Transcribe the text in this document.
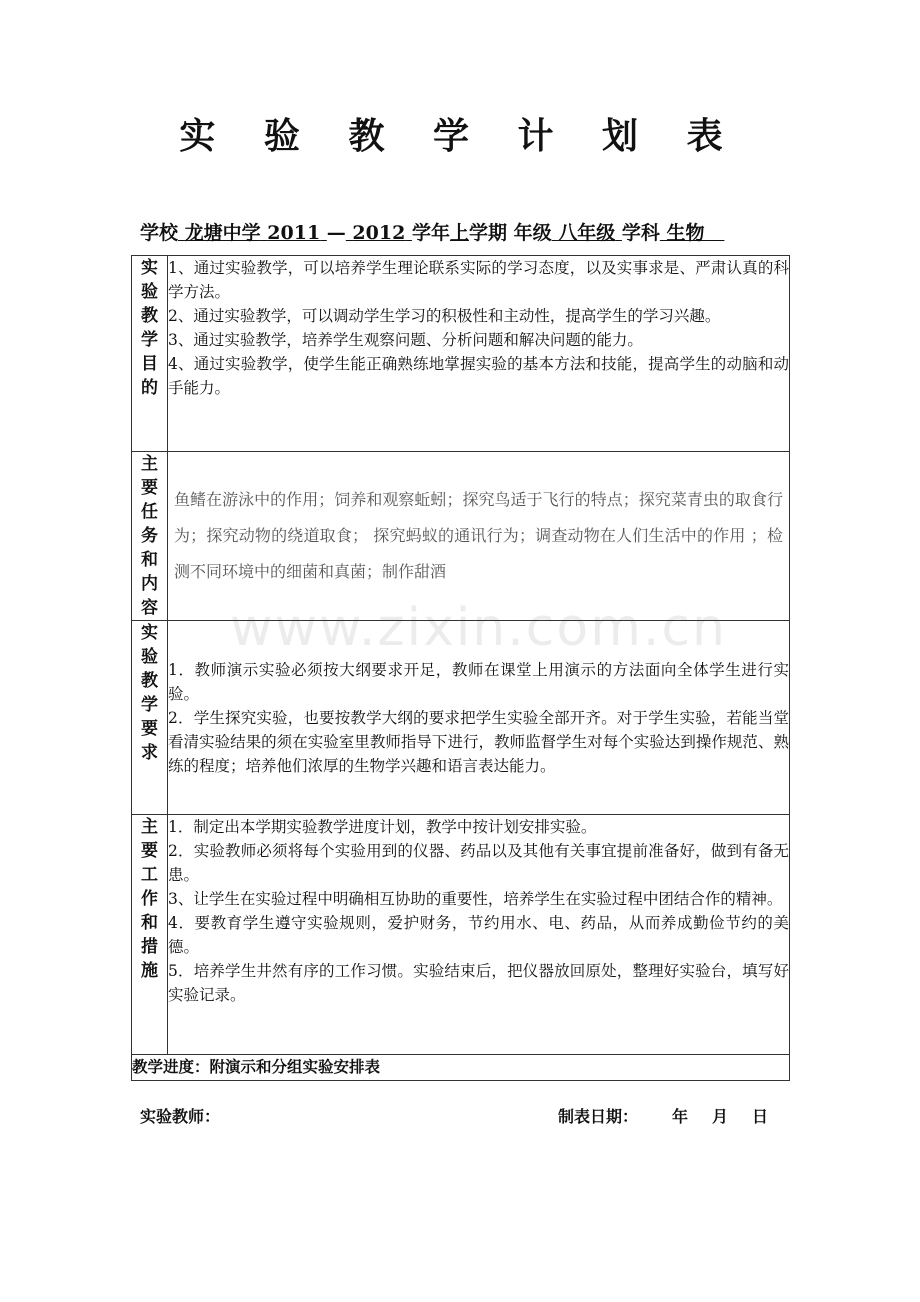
www.zixin.com.cn
实 验 教 学 计 划 表
学校 龙塘中学 2011 — 2012 学年上学期 年级 八年级 学科 生物
实验教学目的	1、通过实验教学，可以培养学生理论联系实际的学习态度，以及实事求是、严肃认真的科学方法。

2、通过实验教学，可以调动学生学习的积极性和主动性，提高学生的学习兴趣。

3、通过实验教学，培养学生观察问题、分析问题和解决问题的能力。

4、通过实验教学，使学生能正确熟练地掌握实验的基本方法和技能，提高学生的动脑和动手能力。

主要任务和内容	鱼鳍在游泳中的作用；饲养和观察蚯蚓；探究鸟适于飞行的特点；探究菜青虫的取食行为；探究动物的绕道取食； 探究蚂蚁的通讯行为；调查动物在人们生活中的作用 ；检测不同环境中的细菌和真菌；制作甜酒

实验教学要求	1．教师演示实验必须按大纲要求开足，教师在课堂上用演示的方法面向全体学生进行实验。

2．学生探究实验，也要按教学大纲的要求把学生实验全部开齐。对于学生实验，若能当堂看清实验结果的须在实验室里教师指导下进行，教师监督学生对每个实验达到操作规范、熟练的程度；培养他们浓厚的生物学兴趣和语言表达能力。

主要工作和措施	1．制定出本学期实验教学进度计划，教学中按计划安排实验。

2．实验教师必须将每个实验用到的仪器、药品以及其他有关事宜提前准备好，做到有备无患。

3、让学生在实验过程中明确相互协助的重要性，培养学生在实验过程中团结合作的精神。

4．要教育学生遵守实验规则，爱护财务，节约用水、电、药品，从而养成勤俭节约的美德。

5．培养学生井然有序的工作习惯。实验结束后，把仪器放回原处，整理好实验台，填写好实验记录。

教学进度：附演示和分组实验安排表	
实验教师：	制表日期： 年 月 日
